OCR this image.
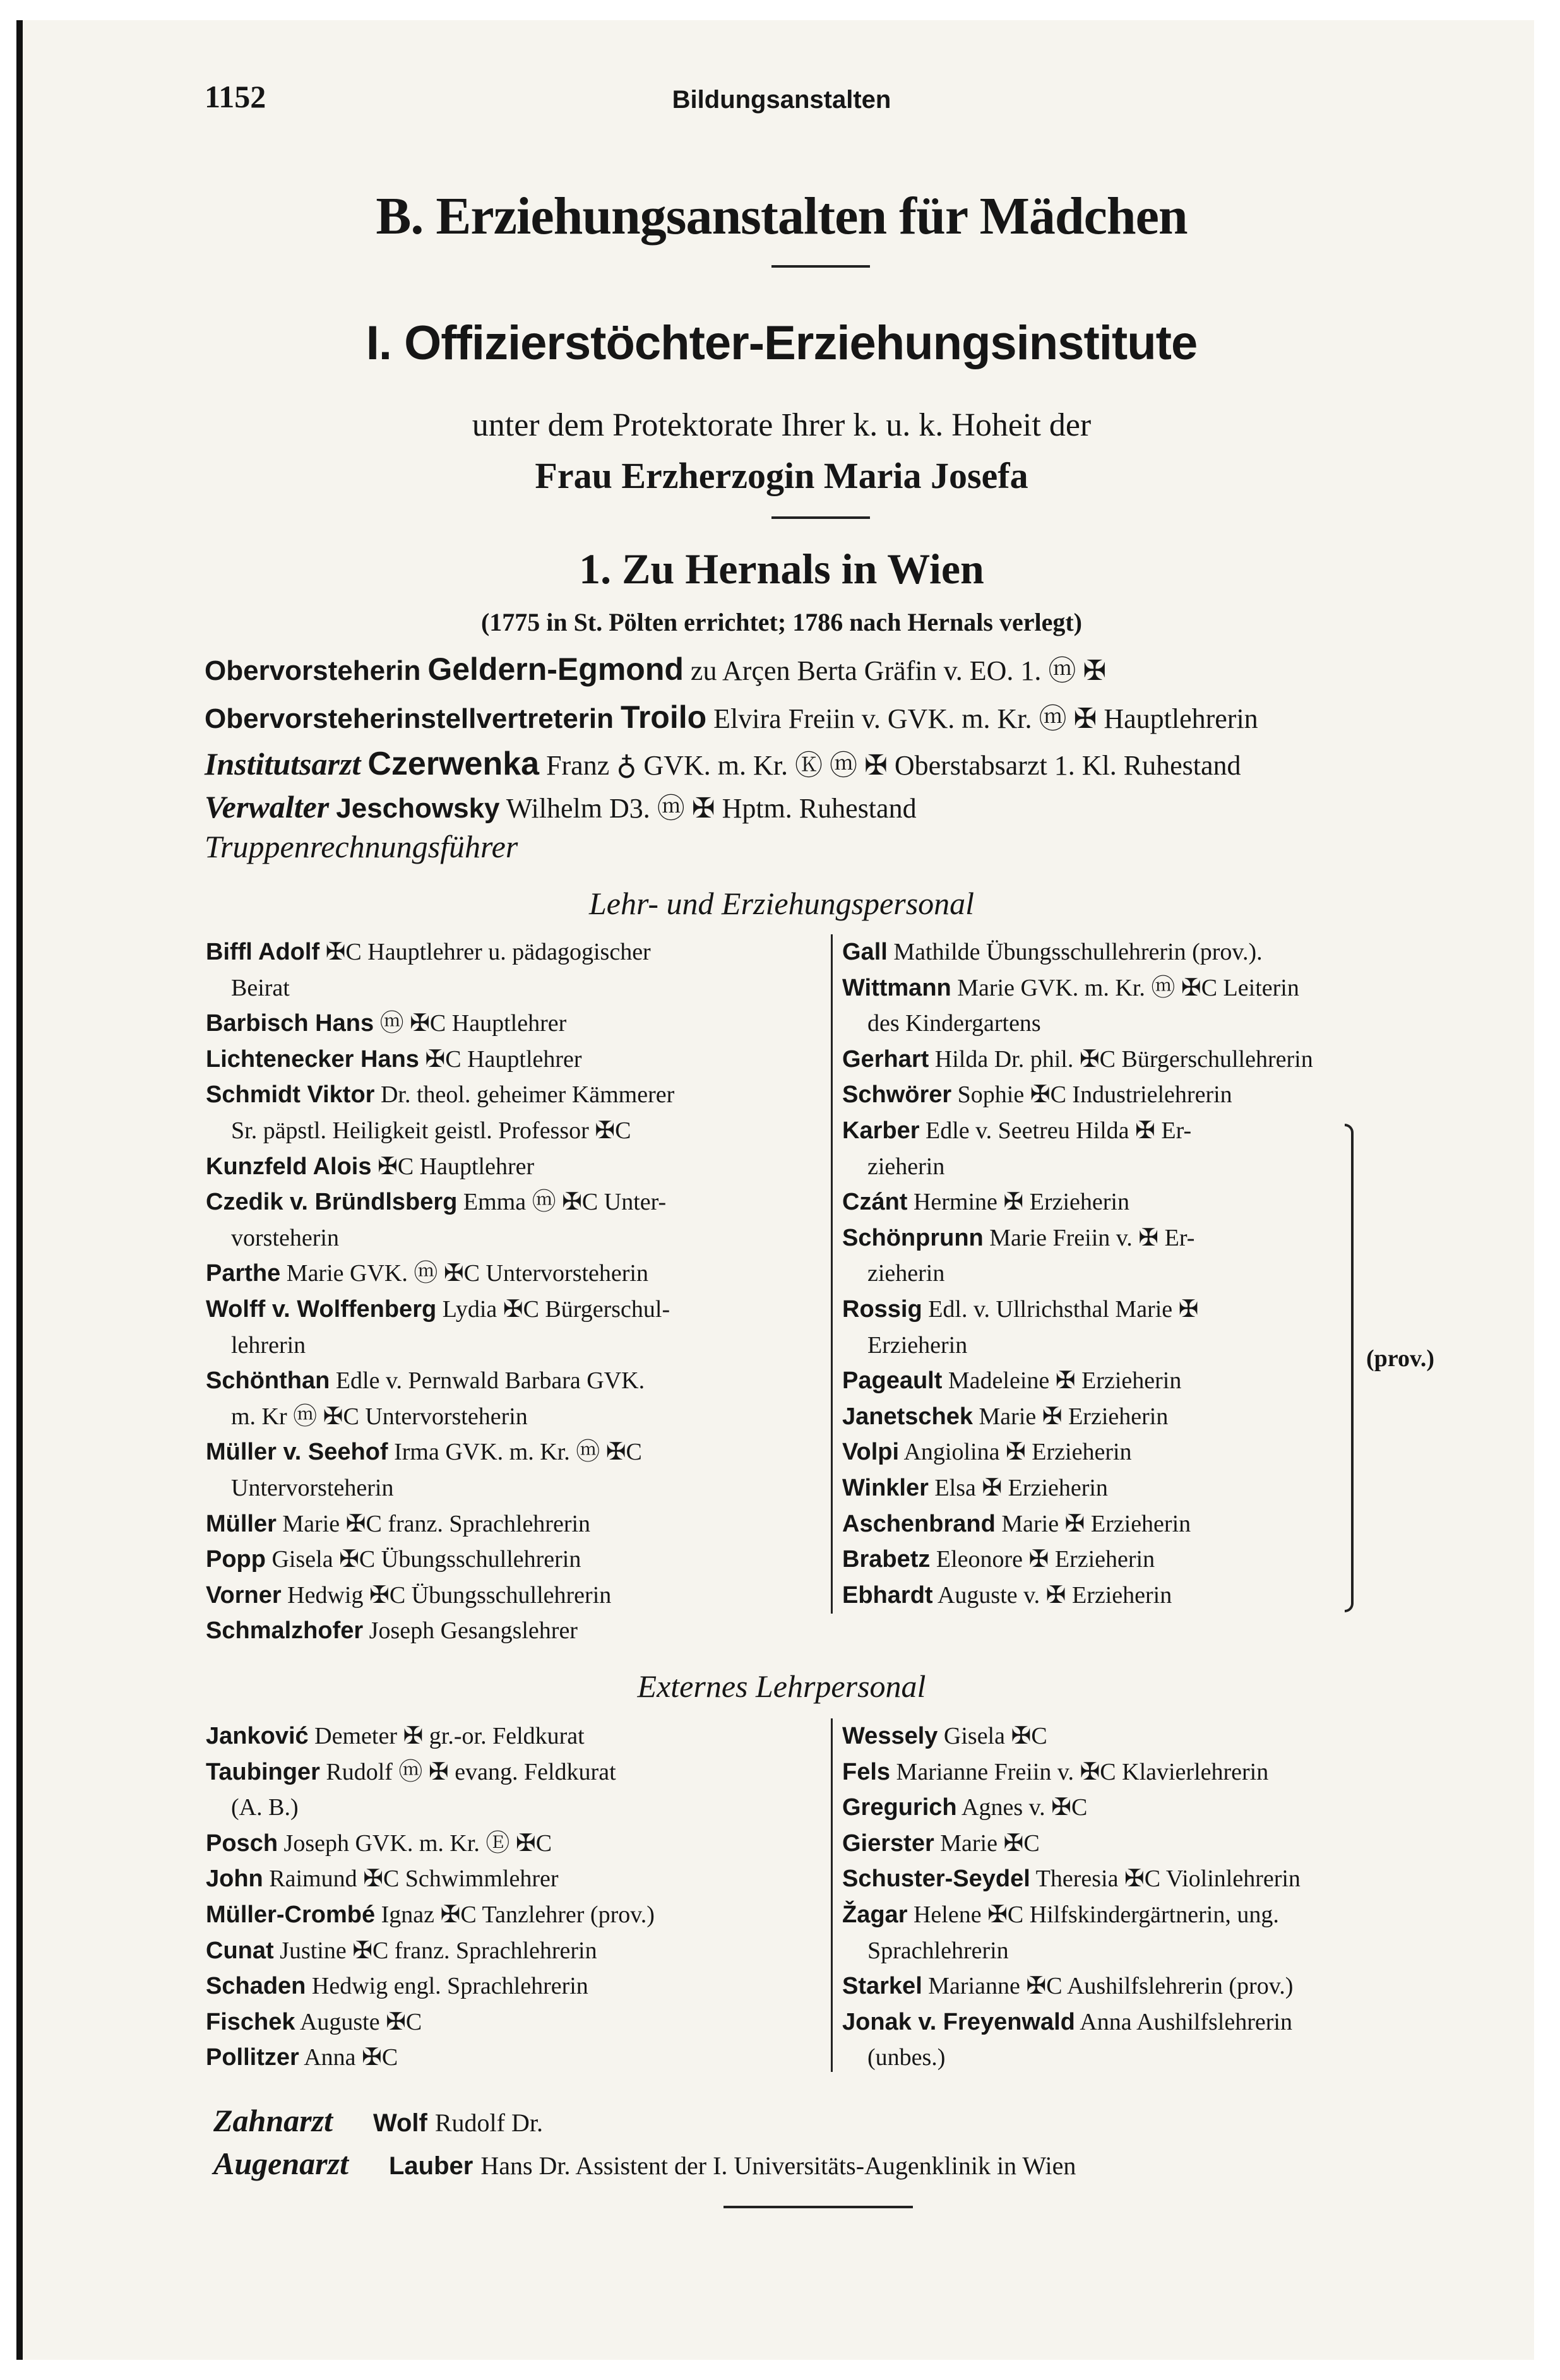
1152	Bildungsanstalten
B. Erziehungsanstalten für Mädchen
I. Offizierstöchter-Erziehungsinstitute
unter dem Protektorate Ihrer k. u. k. Hoheit der
Frau Erzherzogin Maria Josefa
1. Zu Hernals in Wien
(1775 in St. Pölten errichtet; 1786 nach Hernals verlegt)
Obervorsteherin Geldern-Egmond zu Arçen Berta Gräfin v. EO. 1. ⓜ ✠
Obervorsteherinstellvertreterin Troilo Elvira Freiin v. GVK. m. Kr. ⓜ ✠ Hauptlehrerin
Institutsarzt Czerwenka Franz ♁ GVK. m. Kr. Ⓚ ⓜ ✠ Oberstabsarzt 1. Kl. Ruhestand
Verwalter Jeschowsky Wilhelm D3. ⓜ ✠ Hptm. Ruhestand
Truppenrechnungsführer
Lehr- und Erziehungspersonal
Biffl Adolf ✠C Hauptlehrer u. pädagogischer
Beirat
Barbisch Hans ⓜ ✠C Hauptlehrer
Lichtenecker Hans ✠C Hauptlehrer
Schmidt Viktor Dr. theol. geheimer Kämmerer
Sr. päpstl. Heiligkeit geistl. Professor ✠C
Kunzfeld Alois ✠C Hauptlehrer
Czedik v. Bründlsberg Emma ⓜ ✠C Unter-
vorsteherin
Parthe Marie GVK. ⓜ ✠C Untervorsteherin
Wolff v. Wolffenberg Lydia ✠C Bürgerschul-
lehrerin
Schönthan Edle v. Pernwald Barbara GVK.
m. Kr ⓜ ✠C Untervorsteherin
Müller v. Seehof Irma GVK. m. Kr. ⓜ ✠C
Untervorsteherin
Müller Marie ✠C franz. Sprachlehrerin
Popp Gisela ✠C Übungsschullehrerin
Vorner Hedwig ✠C Übungsschullehrerin
Schmalzhofer Joseph Gesangslehrer
Gall Mathilde Übungsschullehrerin (prov.).
Wittmann Marie GVK. m. Kr. ⓜ ✠C Leiterin
des Kindergartens
Gerhart Hilda Dr. phil. ✠C Bürgerschullehrerin
Schwörer Sophie ✠C Industrielehrerin
Karber Edle v. Seetreu Hilda ✠ Er-
zieherin
Czánt Hermine ✠ Erzieherin
Schönprunn Marie Freiin v. ✠ Er-
zieherin
Rossig Edl. v. Ullrichsthal Marie ✠
Erzieherin
Pageault Madeleine ✠ Erzieherin
Janetschek Marie ✠ Erzieherin
Volpi Angiolina ✠ Erzieherin
Winkler Elsa ✠ Erzieherin
Aschenbrand Marie ✠ Erzieherin
Brabetz Eleonore ✠ Erzieherin
Ebhardt Auguste v. ✠ Erzieherin
(prov.)
Externes Lehrpersonal
Janković Demeter ✠ gr.-or. Feldkurat
Taubinger Rudolf ⓜ ✠ evang. Feldkurat
(A. B.)
Posch Joseph GVK. m. Kr. Ⓔ ✠C
John Raimund ✠C Schwimmlehrer
Müller-Crombé Ignaz ✠C Tanzlehrer (prov.)
Cunat Justine ✠C franz. Sprachlehrerin
Schaden Hedwig engl. Sprachlehrerin
Fischek Auguste ✠C
Pollitzer Anna ✠C
Wessely Gisela ✠C
Fels Marianne Freiin v. ✠C Klavierlehrerin
Gregurich Agnes v. ✠C
Gierster Marie ✠C
Schuster-Seydel Theresia ✠C Violinlehrerin
Žagar Helene ✠C Hilfskindergärtnerin, ung.
Sprachlehrerin
Starkel Marianne ✠C Aushilfslehrerin (prov.)
Jonak v. Freyenwald Anna Aushilfslehrerin
(unbes.)
Zahnarzt Wolf Rudolf Dr.
Augenarzt Lauber Hans Dr. Assistent der I. Universitäts-Augenklinik in Wien
